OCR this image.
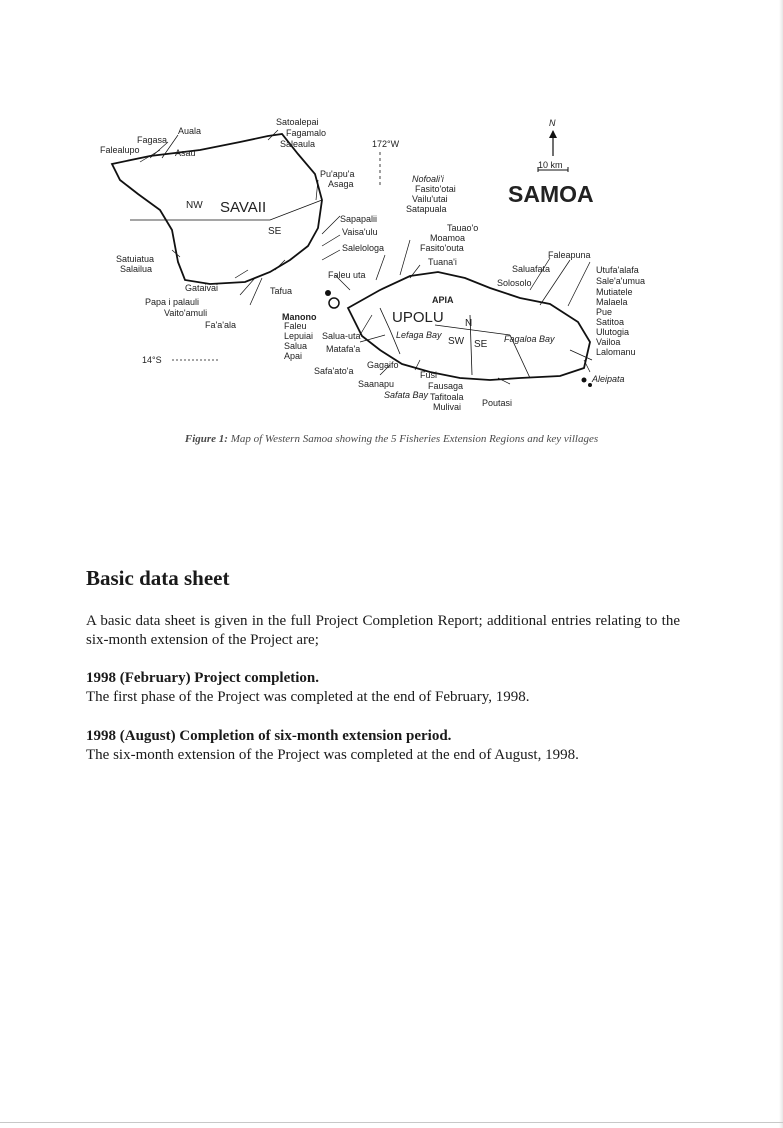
N
10 km
SAMOA
SAVAII
UPOLU
NW
SE
N
SW SE
172°W
14°S
Auala
Fagasa
Falealupo	Asau
Satoalepai
Fagamalo
Saleaula
Pu'apu'a
Asaga
Sapapalii
Vaisa'ulu
Salelologa
Satuiatua
Salailua
Gataivai
Papa i palauli
Vaito'amuli
Fa'a'ala
Tafua
Faleu uta
Manono
Faleu
Lepuiai
Salua
Apai
Salua-uta
Matafa'a
Lefaga Bay
Safa'ato'a
Gagaifo
Saanapu
Fusi
Fausaga
Safata Bay Tafitoala
Mulivai Poutasi
Nofoali'i
Fasito'otai
Vailu'utai
Satapuala
Tauao'o
Moamoa
Fasito'outa
Tuana'i
APIA
Faleapuna
Saluafata
Solosolo
Utufa'alafa
Sale'a'umua
Mutiatele
Malaela
Pue
Satitoa
Ulutogia
Vailoa
Lalomanu
Fagaloa Bay
Aleipata
Figure 1: Map of Western Samoa showing the 5 Fisheries Extension Regions and key villages
Basic data sheet

A basic data sheet is given in the full Project Completion Report; additional entries relating to the six-month extension of the Project are;

1998 (February) Project completion.

The first phase of the Project was completed at the end of February, 1998.

1998 (August) Completion of six-month extension period.

The six-month extension of the Project was completed at the end of August, 1998.
